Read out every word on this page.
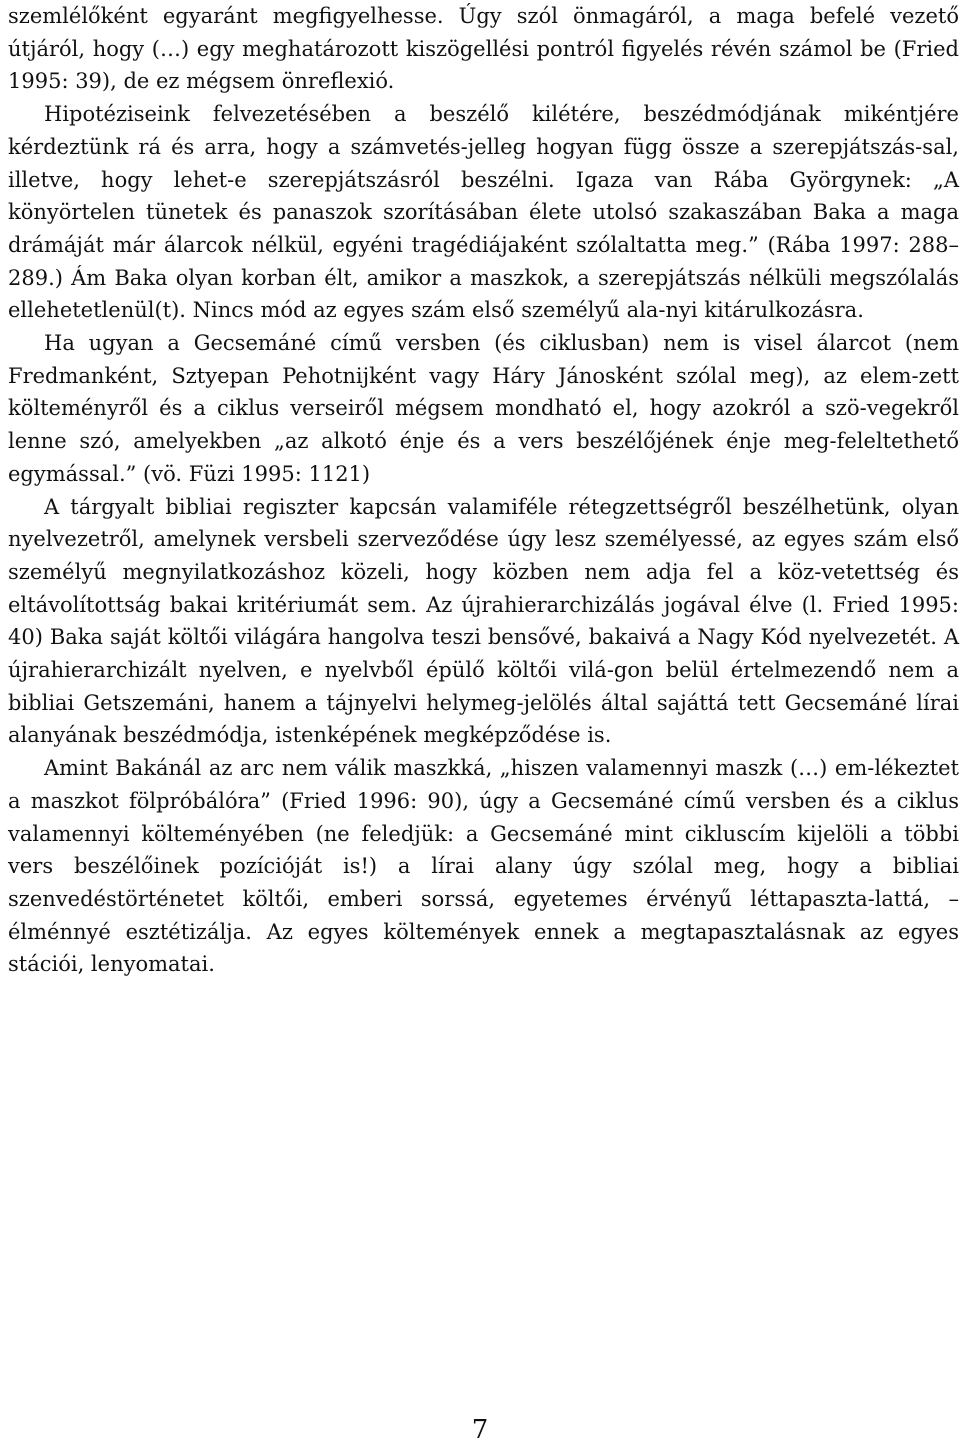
szemlélőként egyaránt megfigyelhesse. Úgy szól önmagáról, a maga befelé vezető útjáról, hogy (…) egy meghatározott kiszögellési pontról figyelés révén számol be (Fried 1995: 39), de ez mégsem önreflexió.

Hipotéziseink felvezetésében a beszélő kilétére, beszédmódjának mikéntjére kérdeztünk rá és arra, hogy a számvetés-jelleg hogyan függ össze a szerepjátszás-sal, illetve, hogy lehet-e szerepjátszásról beszélni. Igaza van Rába Györgynek: „A könyörtelen tünetek és panaszok szorításában élete utolsó szakaszában Baka a maga drámáját már álarcok nélkül, egyéni tragédiájaként szólaltatta meg.” (Rába 1997: 288–289.) Ám Baka olyan korban élt, amikor a maszkok, a szerepjátszás nélküli megszólalás ellehetetlenül(t). Nincs mód az egyes szám első személyű ala-nyi kitárulkozásra.

Ha ugyan a Gecsemáné című versben (és ciklusban) nem is visel álarcot (nem Fredmanként, Sztyepan Pehotnijként vagy Háry Jánosként szólal meg), az elem-zett költeményről és a ciklus verseiről mégsem mondható el, hogy azokról a szö-vegekről lenne szó, amelyekben „az alkotó énje és a vers beszélőjének énje meg-feleltethető egymással.” (vö. Füzi 1995: 1121)

A tárgyalt bibliai regiszter kapcsán valamiféle rétegzettségről beszélhetünk, olyan nyelvezetről, amelynek versbeli szerveződése úgy lesz személyessé, az egyes szám első személyű megnyilatkozáshoz közeli, hogy közben nem adja fel a köz-vetettség és eltávolítottság bakai kritériumát sem. Az újrahierarchizálás jogával élve (l. Fried 1995: 40) Baka saját költői világára hangolva teszi bensővé, bakaivá a Nagy Kód nyelvezetét. A újrahierarchizált nyelven, e nyelvből épülő költői vilá-gon belül értelmezendő nem a bibliai Getszemáni, hanem a tájnyelvi helymeg-jelölés által sajáttá tett Gecsemáné lírai alanyának beszédmódja, istenképének megképződése is.

Amint Bakánál az arc nem válik maszkká, „hiszen valamennyi maszk (…) em-lékeztet a maszkot fölpróbálóra” (Fried 1996: 90), úgy a Gecsemáné című versben és a ciklus valamennyi költeményében (ne feledjük: a Gecsemáné mint cikluscím kijelöli a többi vers beszélőinek pozícióját is!) a lírai alany úgy szólal meg, hogy a bibliai szenvedéstörténetet költői, emberi sorssá, egyetemes érvényű léttapaszta-lattá, – élménnyé esztétizálja. Az egyes költemények ennek a megtapasztalásnak az egyes stációi, lenyomatai.

7
